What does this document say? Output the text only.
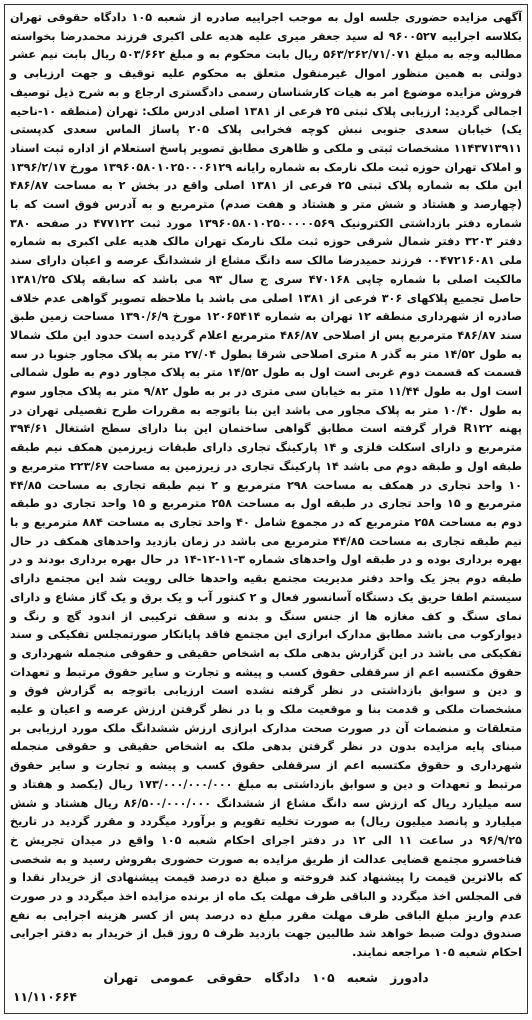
آگهی مزایده حضوری جلسه اول به موجب اجراییه صادره از شعبه ۱۰۵ دادگاه حقوقی تهران بکلاسه اجراییه ۹۶۰۰۵۲۷ له سید جعفر میری علیه هدیه علی اکبری فرزند محمدرضا بخواسته مطالبه وجه به مبلغ ۵۶۳/۲۶۲/۷۱/۰۷۱ ریال بابت محکوم به و مبلغ ۵۰۳/۶۶۲ ریال بابت نیم عشر دولتی به همین منظور اموال غیرمنقول متعلق به محکوم علیه توقیف و جهت ارزیابی و فروش مزایده موضوع امر به هیات کارشناسان رسمی دادگستری ارجاع و به شرح ذیل توصیف اجمالی گردید: ارزیابی پلاک ثبتی ۲۵ فرعی از ۱۳۸۱ اصلی ادرس ملک: تهران (منطقه ۱۰-ناحیه یک) خیابان سعدی جنوبی نبش کوچه فخرابی پلاک ۲۰۵ پاساژ الماس سعدی کدپستی ۱۱۴۳۷۱۳۹۱۱ مشخصات ثبتی و ملکی و ظاهری مطابق تصویر پاسخ استعلام از اداره ثبت اسناد و املاک تهران حوزه ثبت ملک نارمک به شماره رایانه ۱۳۹۶۰۵۸۰۱۰۲۵۰۰۰۶۱۲۹ مورخ ۱۳۹۶/۲/۱۷ این ملک به شماره پلاک ثبتی ۲۵ فرعی از ۱۳۸۱ اصلی واقع در بخش ۲ به مساحت ۴۸۶/۸۷ (چهارصد و هشتاد و شش متر و هشتاد و هفت صدم) مترمربع و به آدرس فوق است که با شماره دفتر بازداشتی الکترونیک ۱۳۹۶۰۵۸۰۱۰۲۵۰۰۰۰۰۵۶۹ مورد ثبت ۴۷۷۱۲۲ در صفحه ۳۸۰ دفتر ۳۲۰۳ دفتر شمال شرقی حوزه ثبت ملک نارمک تهران مالک هدیه علی اکبری به شماره ملی ۰۰۴۷۲۱۶۰۸۱ فرزند حمیدرضا مالک سه دانگ مشاع از ششدانگ عرصه و اعیان دارای سند مالکیت اصلی با شماره چاپی ۴۷۰۱۶۸ سری ج سال ۹۳ می باشد که سابقه پلاک ۱۳۸۱/۲۵ حاصل تجمیع پلاکهای ۳۰۶ فرعی از ۱۳۸۱ اصلی می باشد با ملاحظه تصویر گواهی عدم خلاف صادره از شهرداری منطقه ۱۲ تهران به شماره ۱۲۰۶۵۴۱۴ مورخ ۱۳۹۰/۶/۹ مساحت زمین طبق سند ۴۸۶/۸۷ مترمربع پس از اصلاحی ۴۸۶/۸۷ مترمربع اعلام گردیده است حدود این ملک شمالا به طول ۱۴/۵۲ متر به گذر ۸ متری اصلاحی شرقا بطول ۲۷/۰۴ متر به پلاک مجاور جنوبا در سه قسمت که قسمت دوم غربی است اول به طول ۱۴/۵۲ متر به پلاک مجاور دوم به طول شمالی است اول به طول ۱۱/۴۴ متر به خیابان سی متری در بر به طول ۹/۸۲ متر به پلاک مجاور سوم به طول ۱۰/۴۰ متر به پلاک مجاور می باشد این بنا باتوجه به مقررات طرح تفصیلی تهران در پهنه R۱۲۲ قرار گرفته است مطابق گواهی ساختمان این بنا دارای سطح اشتغال ۳۹۴/۶۱ مترمربع و دارای اسکلت فلزی و ۱۴ پارکینگ تجاری دارای طبقات زیرزمین همکف نیم طبقه طبقه اول و طبقه دوم می باشد ۱۴ پارکینگ تجاری در زیرزمین به مساحت ۲۲۳/۶۷ مترمربع و ۱۰ واحد تجاری در همکف به مساحت ۲۹۸ مترمربع و ۲ نیم طبقه تجاری به مساحت ۴۴/۸۵ مترمربع و ۱۵ واحد تجاری در طبقه اول به مساحت ۲۵۸ مترمربع و ۱۵ واحد تجاری دو طبقه دوم به مساحت ۲۵۸ مترمربع که در مجموع شامل ۴۰ واحد تجاری به مساحت ۸۸۴ مترمربع و با نیم طبقه تجاری به مساحت ۴۴/۸۵ مترمربع می باشد در زمان بازدید واحدهای همکف در حال بهره برداری بوده و در طبقه اول واحدهای شماره ۳-۱۱-۱۲-۱۴ در حال بهره برداری بودند و در طبقه دوم بجز یک واحد دفتر مدیریت مجتمع بقیه واحدها خالی رویت شد این مجتمع دارای سیستم اطفا حریق یک دستگاه آسانسور فعال و ۲ کنتور آب و یک برق و یک گاز مشاع و دارای نمای سنگ و کف مغازه ها از جنس سنگ و بدنه و سقف ترکیبی از اندود گچ و رنگ و دیوارکوب می باشد مطابق مدارک ابرازی این مجتمع فاقد پایانکار صورتمجلس تفکیکی و سند تفکیکی می باشد در این گزارش بدهی ملک به اشخاص حقیقی و حقوقی منجمله شهرداری و حقوق مکتسبه اعم از سرقفلی حقوق کسب و پیشه و تجارت و سایر حقوق مرتبط و تعهدات و دین و سوابق بازداشتی در نظر گرفته نشده است ارزیابی باتوجه به گزارش فوق و مشخصات ملکی و قدمت بنا و موقعیت ملک و با در نظر گرفتن ارزش عرصه و اعیان و علیه متعلقات و منضمات آن در صورت صحت مدارک ابرازی ارزش ششدانگ ملک مورد ارزیابی بر مبنای پایه مزایده بدون در نظر گرفتن بدهی ملک به اشخاص حقیقی و حقوقی منجمله شهرداری و حقوق مکتسبه اعم از سرقفلی حقوق کسب و پیشه و تجارت و سایر حقوق مرتبط و تعهدات و دین و سوابق بازداشتی به مبلغ ۱۷۳/۰۰۰/۰۰۰/۰۰۰ ریال (یکصد و هفتاد و سه میلیارد ریال که ارزش سه دانگ مشاع از ششدانگ ۸۶/۵۰۰/۰۰۰/۰۰۰ ریال هشتاد و شش میلیارد و پانصد میلیون ریال) به صورت تخلیه تقویم و برآورد میگردد و مقرر گردید در تاریخ ۹۶/۹/۲۵ در ساعت ۱۱ الی ۱۲ در دفتر اجرای احکام شعبه ۱۰۵ واقع در میدان تجریش خ فناخسرو مجتمع قضایی عدالت از طریق مزایده به صورت حضوری بفروش رسید و به شخصی که بالاترین قیمت را پیشنهاد کند فروخته و مبلغ ده درصد قیمت پیشنهادی از خریدار نقدا و فی المجلس اخذ میگردد و الباقی ظرف مهلت یک ماه از برنده مزایده اخذ میگردد و در صورت عدم واریز مبلغ الباقی ظرف مهلت مقرر مبلغ ده درصد پس از کسر هزینه اجرایی به نفع صندوق دولت ضبط خواهد شد طالبین جهت بازدید ظرف ۵ روز قبل از خریدار به دفتر اجرایی احکام شعبه ۱۰۵ مراجعه نمایند.

دادورز شعبه ۱۰۵ دادگاه حقوقی عمومی تهران
۱۱/۱۱۰۶۶۴
